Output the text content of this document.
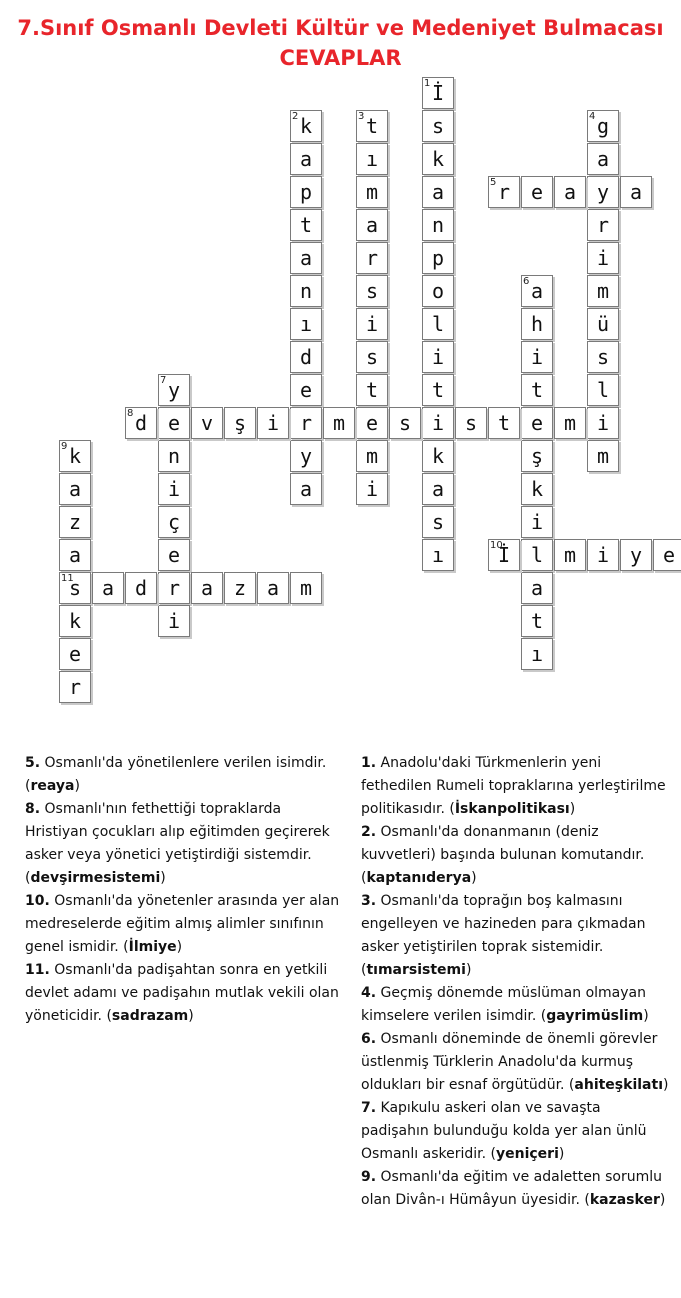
7.Sınıf Osmanlı Devleti Kültür ve Medeniyet Bulmacası
CEVAPLAR
İ
1
s
k
a
n
p
o
l
i
t
i
k
a
s
ı
k
2
a
p
t
a
n
ı
d
e
r
y
a
t
3
ı
m
a
r
s
i
s
t
e
m
i
g
4
a
y
r
i
m
ü
s
l
i
m
r
5 e a	a
a
6
h
i
t
e
ş
k
i
l
a
t
ı
y
7
e
n
i
ç
e
r
i
d
8	v ş i	m	s	s t	m
k
9
a
z
a
s
11
k
e
r
İ
10	m i y e
a d	a z a m

5. Osmanlı'da yönetilenlere verilen isimdir. (reaya)

8. Osmanlı'nın fethettiği topraklarda Hristiyan çocukları alıp eğitimden geçirerek asker veya yönetici yetiştirdiği sistemdir. (devşirmesistemi)

10. Osmanlı'da yönetenler arasında yer alan medreselerde eğitim almış alimler sınıfının genel ismidir. (İlmiye)

11. Osmanlı'da padişahtan sonra en yetkili devlet adamı ve padişahın mutlak vekili olan yöneticidir. (sadrazam)

1. Anadolu'daki Türkmenlerin yeni fethedilen Rumeli topraklarına yerleştirilme politikasıdır. (İskanpolitikası)

2. Osmanlı'da donanmanın (deniz kuvvetleri) başında bulunan komutandır. (kaptanıderya)

3. Osmanlı'da toprağın boş kalmasını engelleyen ve hazineden para çıkmadan asker yetiştirilen toprak sistemidir. (tımarsistemi)

4. Geçmiş dönemde müslüman olmayan kimselere verilen isimdir. (gayrimüslim)

6. Osmanlı döneminde de önemli görevler üstlenmiş Türklerin Anadolu'da kurmuş oldukları bir esnaf örgütüdür. (ahiteşkilatı)

7. Kapıkulu askeri olan ve savaşta padişahın bulunduğu kolda yer alan ünlü Osmanlı askeridir. (yeniçeri)

9. Osmanlı'da eğitim ve adaletten sorumlu olan Divân-ı Hümâyun üyesidir. (kazasker)
